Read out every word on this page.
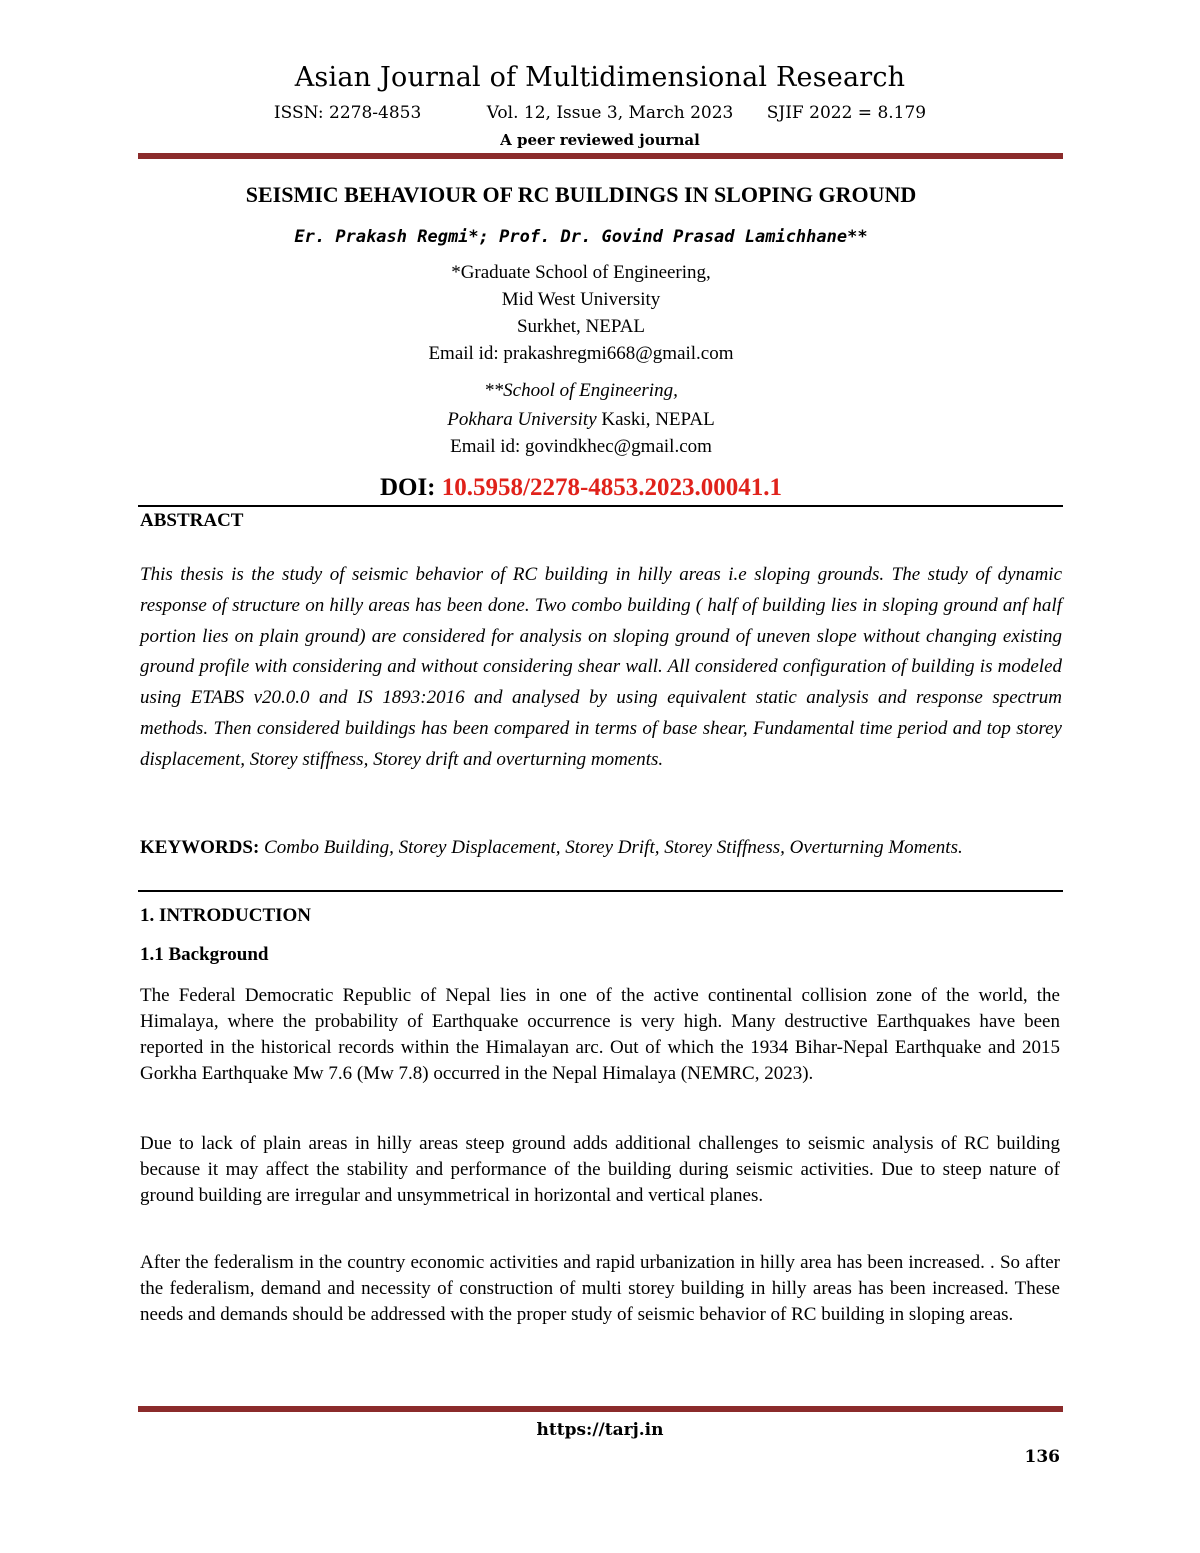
Asian Journal of Multidimensional Research
ISSN: 2278-4853	Vol. 12, Issue 3, March 2023 SJIF 2022 = 8.179
A peer reviewed journal
SEISMIC BEHAVIOUR OF RC BUILDINGS IN SLOPING GROUND
Er. Prakash Regmi*; Prof. Dr. Govind Prasad Lamichhane**
*Graduate School of Engineering,
Mid West University
Surkhet, NEPAL
Email id: prakashregmi668@gmail.com
**School of Engineering,
Pokhara University Kaski, NEPAL
Email id: govindkhec@gmail.com
DOI: 10.5958/2278-4853.2023.00041.1
ABSTRACT

This thesis is the study of seismic behavior of RC building in hilly areas i.e sloping grounds. The study of dynamic response of structure on hilly areas has been done. Two combo building ( half of building lies in sloping ground anf half portion lies on plain ground) are considered for analysis on sloping ground of uneven slope without changing existing ground profile with considering and without considering shear wall. All considered configuration of building is modeled using ETABS v20.0.0 and IS 1893:2016 and analysed by using equivalent static analysis and response spectrum methods. Then considered buildings has been compared in terms of base shear, Fundamental time period and top storey displacement, Storey stiffness, Storey drift and overturning moments.

KEYWORDS: Combo Building, Storey Displacement, Storey Drift, Storey Stiffness, Overturning Moments.

1. INTRODUCTION
1.1 Background

The Federal Democratic Republic of Nepal lies in one of the active continental collision zone of the world, the Himalaya, where the probability of Earthquake occurrence is very high. Many destructive Earthquakes have been reported in the historical records within the Himalayan arc. Out of which the 1934 Bihar-Nepal Earthquake and 2015 Gorkha Earthquake Mw 7.6 (Mw 7.8) occurred in the Nepal Himalaya (NEMRC, 2023).

Due to lack of plain areas in hilly areas steep ground adds additional challenges to seismic analysis of RC building because it may affect the stability and performance of the building during seismic activities. Due to steep nature of ground building are irregular and unsymmetrical in horizontal and vertical planes.

After the federalism in the country economic activities and rapid urbanization in hilly area has been increased. . So after the federalism, demand and necessity of construction of multi storey building in hilly areas has been increased. These needs and demands should be addressed with the proper study of seismic behavior of RC building in sloping areas.

https://tarj.in
136
